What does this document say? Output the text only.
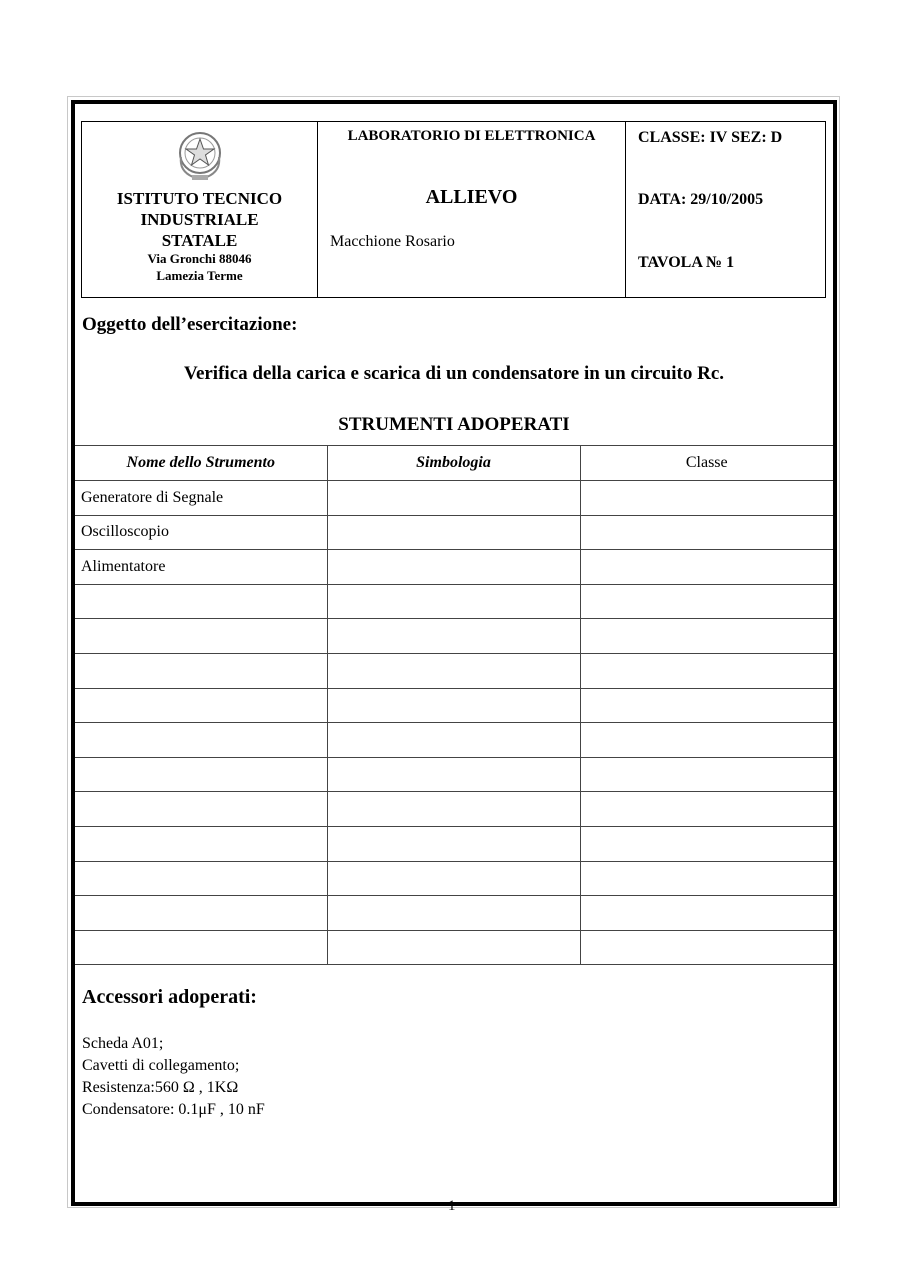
ISTITUTO TECNICO
INDUSTRIALE
STATALE
Via Gronchi 88046
Lamezia Terme
LABORATORIO DI ELETTRONICA
ALLIEVO
Macchione Rosario
CLASSE: IV SEZ: D
DATA: 29/10/2005
TAVOLA № 1
Oggetto dell’esercitazione:
Verifica della carica e scarica di un condensatore in un circuito Rc.
STRUMENTI ADOPERATI
Nome dello Strumento	Simbologia	Classe
Generatore di Segnale		
Oscilloscopio		
Alimentatore		

Accessori adoperati:
Scheda A01;
Cavetti di collegamento;
Resistenza:560 Ω , 1KΩ
Condensatore: 0.1μF , 10 nF
1
